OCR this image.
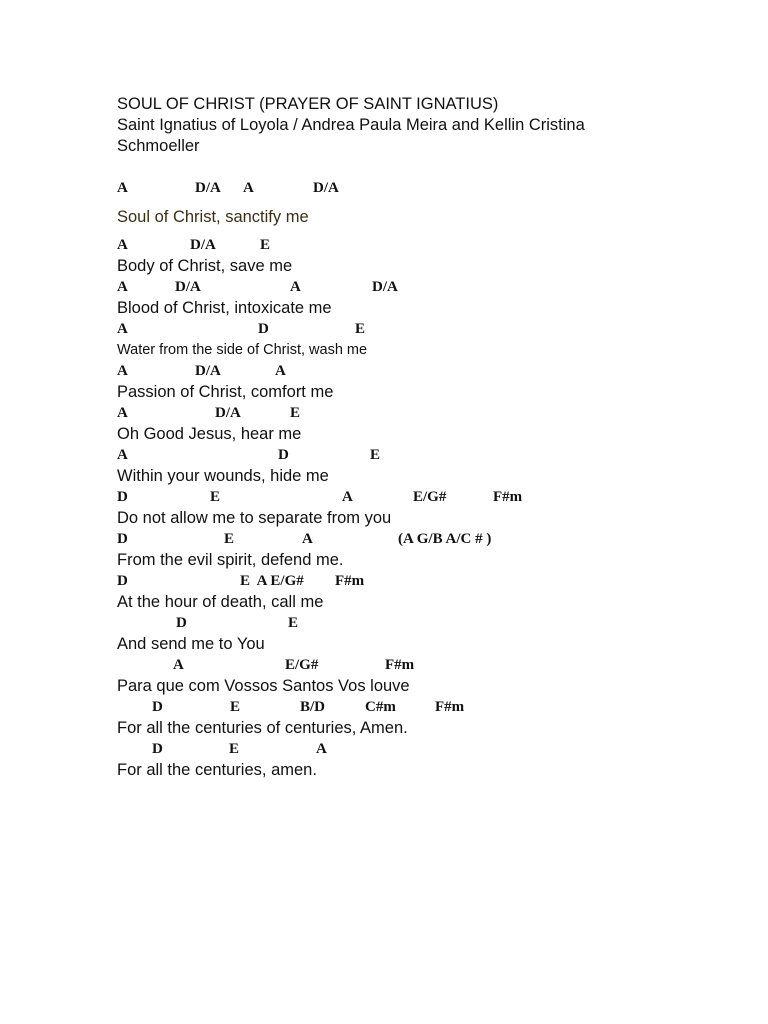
SOUL OF CHRIST (PRAYER OF SAINT IGNATIUS)
Saint Ignatius of Loyola / Andrea Paula Meira and Kellin Cristina Schmoeller
A	D/A A	D/A
Soul of Christ, sanctify me
A	D/A	E
Body of Christ, save me
A	D/A	A	D/A
Blood of Christ, intoxicate me
A	D	E
Water from the side of Christ, wash me
A	D/A	A
Passion of Christ, comfort me
A	D/A	E
Oh Good Jesus, hear me
A	D	E
Within your wounds, hide me
D	E	A	E/G#	F#m
Do not allow me to separate from you
D	E	A	(A G/B A/C # )
From the evil spirit, defend me.
D	E  A E/G# F#m
At the hour of death, call me
D	E
And send me to You
A	E/G#	F#m
Para que com Vossos Santos Vos louve
D	E	B/D	C#m	F#m
For all the centuries of centuries, Amen.
D	E	A
For all the centuries, amen.
